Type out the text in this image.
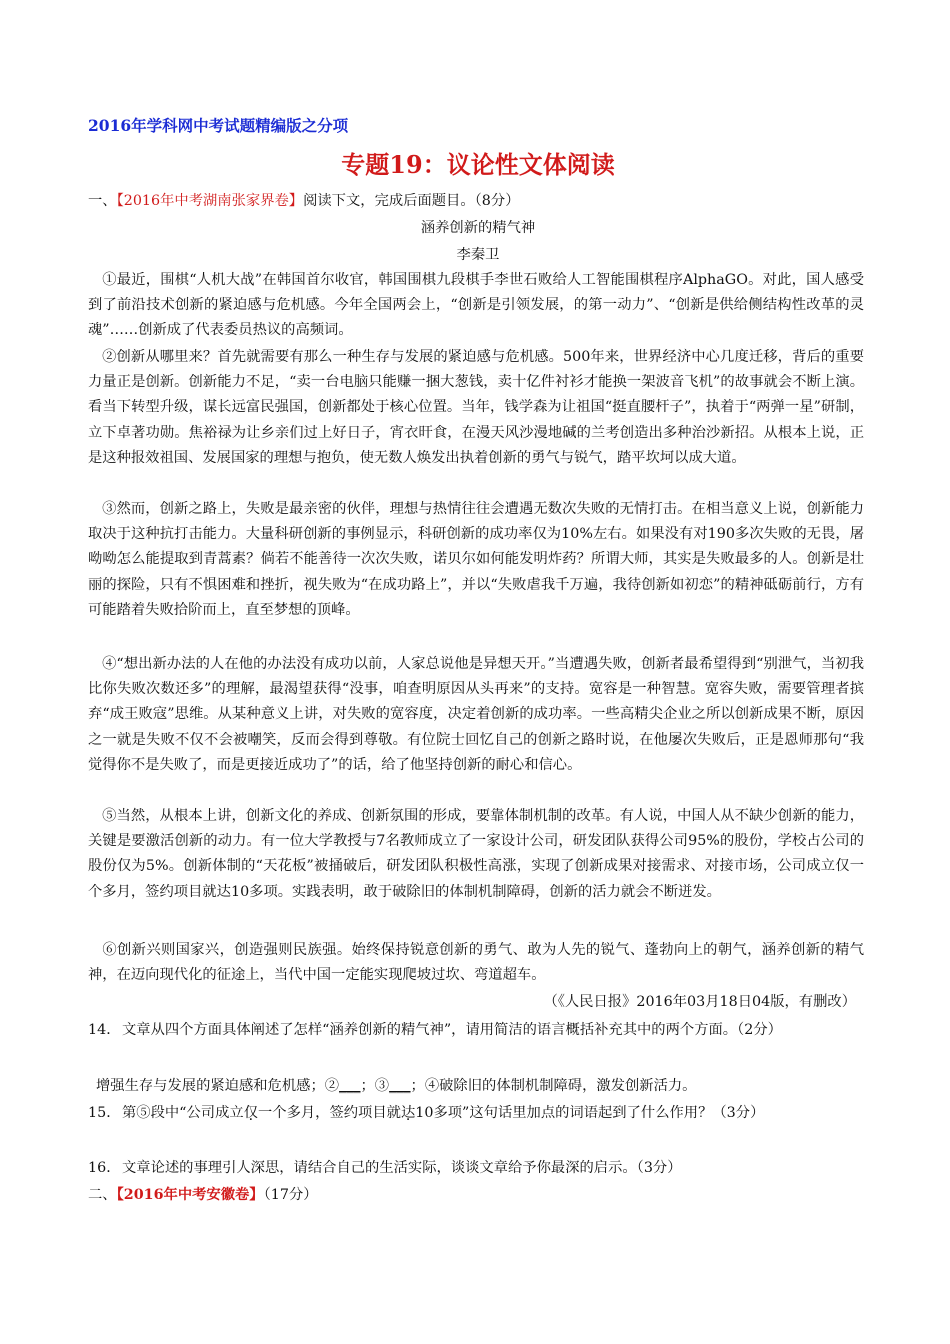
2016年学科网中考试题精编版之分项
专题19：议论性文体阅读
一、【2016年中考湖南张家界卷】阅读下文，完成后面题目。（8分）
涵养创新的精气神
李秦卫
①最近，围棋“人机大战”在韩国首尔收官，韩国围棋九段棋手李世石败给人工智能围棋程序AlphaGO。对此，国人感受到了前沿技术创新的紧迫感与危机感。今年全国两会上，“创新是引领发展，的第一动力”、“创新是供给侧结构性改革的灵魂”……创新成了代表委员热议的高频词。
②创新从哪里来？首先就需要有那么一种生存与发展的紧迫感与危机感。500年来，世界经济中心几度迁移，背后的重要力量正是创新。创新能力不足，“卖一台电脑只能赚一捆大葱钱，卖十亿件衬衫才能换一架波音飞机”的故事就会不断上演。看当下转型升级，谋长远富民强国，创新都处于核心位置。当年，钱学森为让祖国“挺直腰杆子”，执着于“两弹一星”研制，立下卓著功勋。焦裕禄为让乡亲们过上好日子，宵衣旰食，在漫天风沙漫地碱的兰考创造出多种治沙新招。从根本上说，正是这种报效祖国、发展国家的理想与抱负，使无数人焕发出执着创新的勇气与锐气，踏平坎坷以成大道。
③然而，创新之路上，失败是最亲密的伙伴，理想与热情往往会遭遇无数次失败的无情打击。在相当意义上说，创新能力取决于这种抗打击能力。大量科研创新的事例显示，科研创新的成功率仅为10%左右。如果没有对190多次失败的无畏，屠呦呦怎么能提取到青蒿素？倘若不能善待一次次失败，诺贝尔如何能发明炸药？所谓大师，其实是失败最多的人。创新是壮丽的探险，只有不惧困难和挫折，视失败为“在成功路上”，并以“失败虐我千万遍，我待创新如初恋”的精神砥砺前行，方有可能踏着失败拾阶而上，直至梦想的顶峰。
④“想出新办法的人在他的办法没有成功以前，人家总说他是异想天开。”当遭遇失败，创新者最希望得到“别泄气，当初我比你失败次数还多”的理解，最渴望获得“没事，咱查明原因从头再来”的支持。宽容是一种智慧。宽容失败，需要管理者摈弃“成王败寇”思维。从某种意义上讲，对失败的宽容度，决定着创新的成功率。一些高精尖企业之所以创新成果不断，原因之一就是失败不仅不会被嘲笑，反而会得到尊敬。有位院士回忆自己的创新之路时说，在他屡次失败后，正是恩师那句“我觉得你不是失败了，而是更接近成功了”的话，给了他坚持创新的耐心和信心。
⑤当然，从根本上讲，创新文化的养成、创新氛围的形成，要靠体制机制的改革。有人说，中国人从不缺少创新的能力，关键是要激活创新的动力。有一位大学教授与7名教师成立了一家设计公司，研发团队获得公司95%的股份，学校占公司的股份仅为5%。创新体制的“天花板”被捅破后，研发团队积极性高涨，实现了创新成果对接需求、对接市场，公司成立仅一个多月，签约项目就达10多项。实践表明，敢于破除旧的体制机制障碍，创新的活力就会不断迸发。
⑥创新兴则国家兴，创造强则民族强。始终保持锐意创新的勇气、敢为人先的锐气、蓬勃向上的朝气，涵养创新的精气神，在迈向现代化的征途上，当代中国一定能实现爬坡过坎、弯道超车。
（《人民日报》2016年03月18日04版，有删改）
14． 文章从四个方面具体阐述了怎样“涵养创新的精气神”，请用简洁的语言概括补充其中的两个方面。（2分）
增强生存与发展的紧迫感和危机感；②___；③___；④破除旧的体制机制障碍，激发创新活力。
15． 第⑤段中“公司成立仅一个多月，签约项目就达10多项”这句话里加点的词语起到了什么作用？（3分）
16． 文章论述的事理引人深思，请结合自己的生活实际，谈谈文章给予你最深的启示。（3分）
二、【2016年中考安徽卷】（17分）
